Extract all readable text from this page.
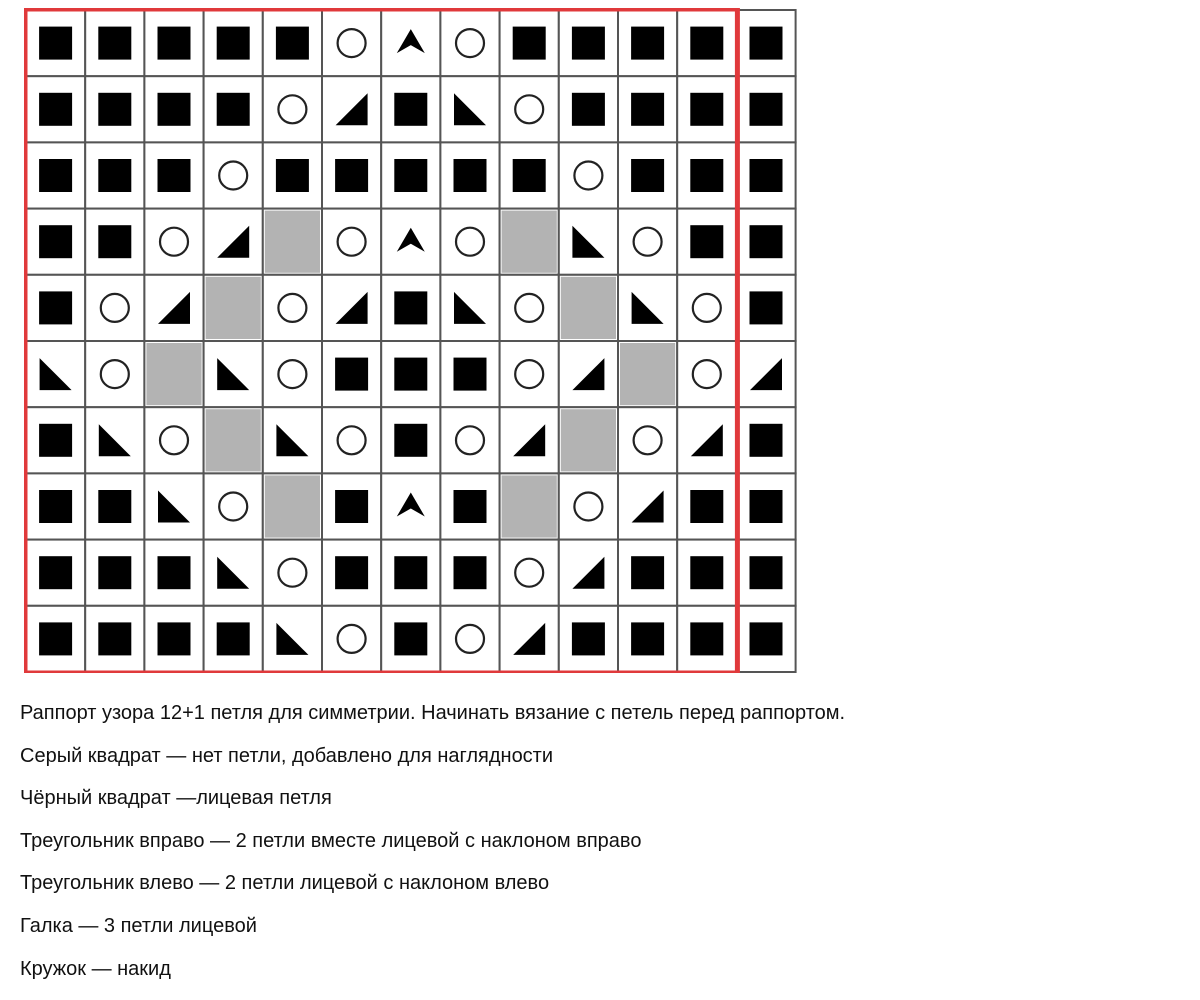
Раппорт узора 12+1 петля для симметрии. Начинать вязание с петель перед раппортом.

Серый квадрат — нет петли, добавлено для наглядности

Чёрный квадрат —лицевая петля

Треугольник вправо — 2 петли вместе лицевой с наклоном вправо

Треугольник влево — 2 петли лицевой с наклоном влево

Галка — 3 петли лицевой

Кружок — накид
